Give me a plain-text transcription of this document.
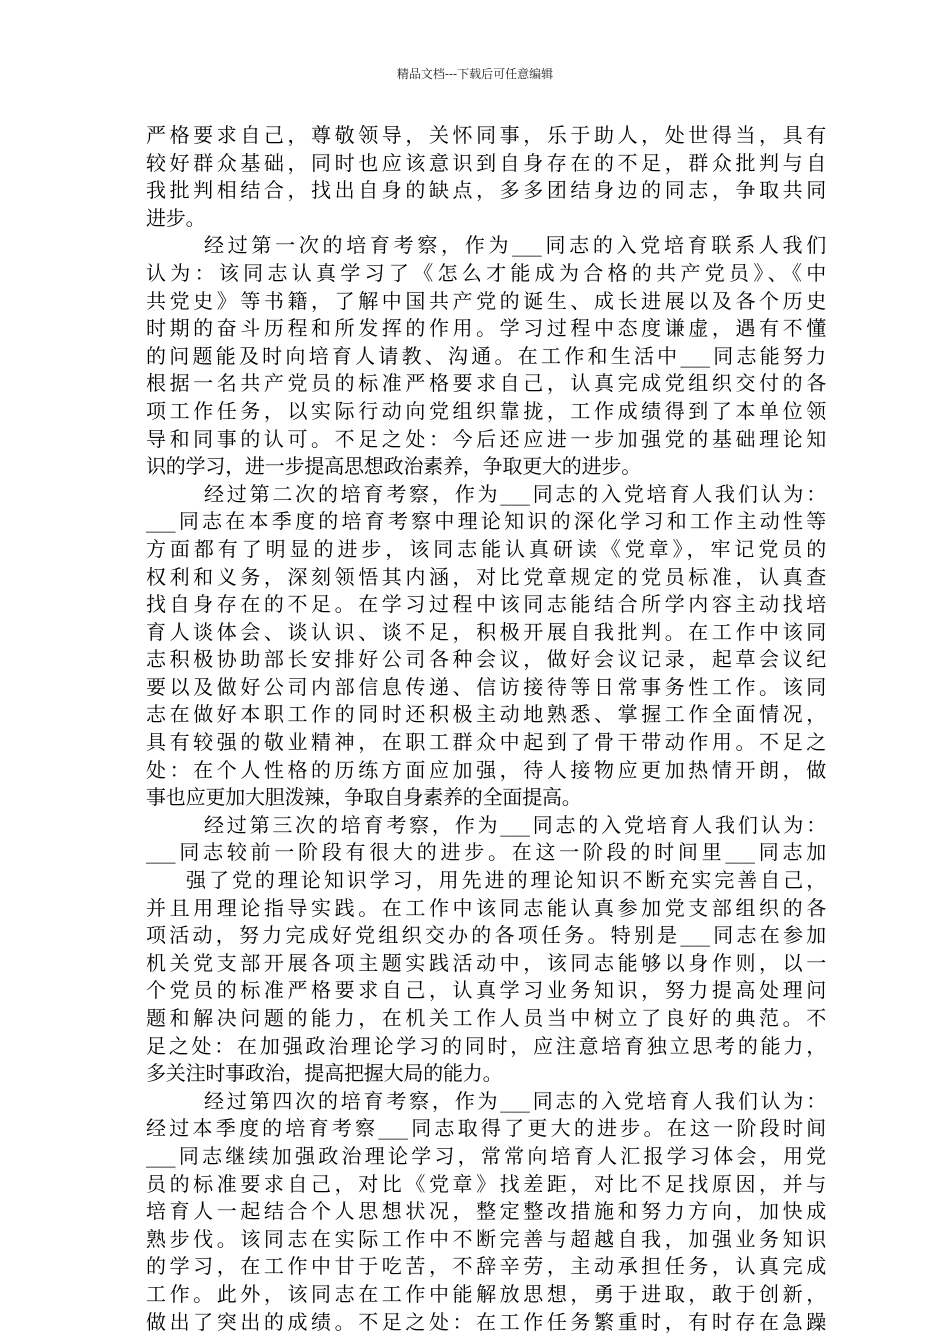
精品文档---下载后可任意编辑
严格要求自己，尊敬领导，关怀同事，乐于助人，处世得当，具有
较好群众基础，同时也应该意识到自身存在的不足，群众批判与自
我批判相结合，找出自身的缺点，多多团结身边的同志，争取共同
进步。
经过第一次的培育考察，作为___同志的入党培育联系人我们
认为：该同志认真学习了《怎么才能成为合格的共产党员》、《中
共党史》等书籍，了解中国共产党的诞生、成长进展以及各个历史
时期的奋斗历程和所发挥的作用。学习过程中态度谦虚，遇有不懂
的问题能及时向培育人请教、沟通。在工作和生活中___同志能努力
根据一名共产党员的标准严格要求自己，认真完成党组织交付的各
项工作任务，以实际行动向党组织靠拢，工作成绩得到了本单位领
导和同事的认可。不足之处：今后还应进一步加强党的基础理论知
识的学习，进一步提高思想政治素养，争取更大的进步。
经过第二次的培育考察，作为___同志的入党培育人我们认为：
___同志在本季度的培育考察中理论知识的深化学习和工作主动性等
方面都有了明显的进步，该同志能认真研读《党章》，牢记党员的
权利和义务，深刻领悟其内涵，对比党章规定的党员标准，认真查
找自身存在的不足。在学习过程中该同志能结合所学内容主动找培
育人谈体会、谈认识、谈不足，积极开展自我批判。在工作中该同
志积极协助部长安排好公司各种会议，做好会议记录，起草会议纪
要以及做好公司内部信息传递、信访接待等日常事务性工作。该同
志在做好本职工作的同时还积极主动地熟悉、掌握工作全面情况，
具有较强的敬业精神，在职工群众中起到了骨干带动作用。不足之
处：在个人性格的历练方面应加强，待人接物应更加热情开朗，做
事也应更加大胆泼辣，争取自身素养的全面提高。
经过第三次的培育考察，作为___同志的入党培育人我们认为：
___同志较前一阶段有很大的进步。在这一阶段的时间里___同志加
强了党的理论知识学习，用先进的理论知识不断充实完善自己，
并且用理论指导实践。在工作中该同志能认真参加党支部组织的各
项活动，努力完成好党组织交办的各项任务。特别是___同志在参加
机关党支部开展各项主题实践活动中，该同志能够以身作则，以一
个党员的标准严格要求自己，认真学习业务知识，努力提高处理问
题和解决问题的能力，在机关工作人员当中树立了良好的典范。不
足之处：在加强政治理论学习的同时，应注意培育独立思考的能力，
多关注时事政治，提高把握大局的能力。
经过第四次的培育考察，作为___同志的入党培育人我们认为：
经过本季度的培育考察___同志取得了更大的进步。在这一阶段时间
___同志继续加强政治理论学习，常常向培育人汇报学习体会，用党
员的标准要求自己，对比《党章》找差距，对比不足找原因，并与
培育人一起结合个人思想状况，整定整改措施和努力方向，加快成
熟步伐。该同志在实际工作中不断完善与超越自我，加强业务知识
的学习，在工作中甘于吃苦，不辞辛劳，主动承担任务，认真完成
工作。此外，该同志在工作中能解放思想，勇于进取，敢于创新，
做出了突出的成绩。不足之处：在工作任务繁重时，有时存在急躁
